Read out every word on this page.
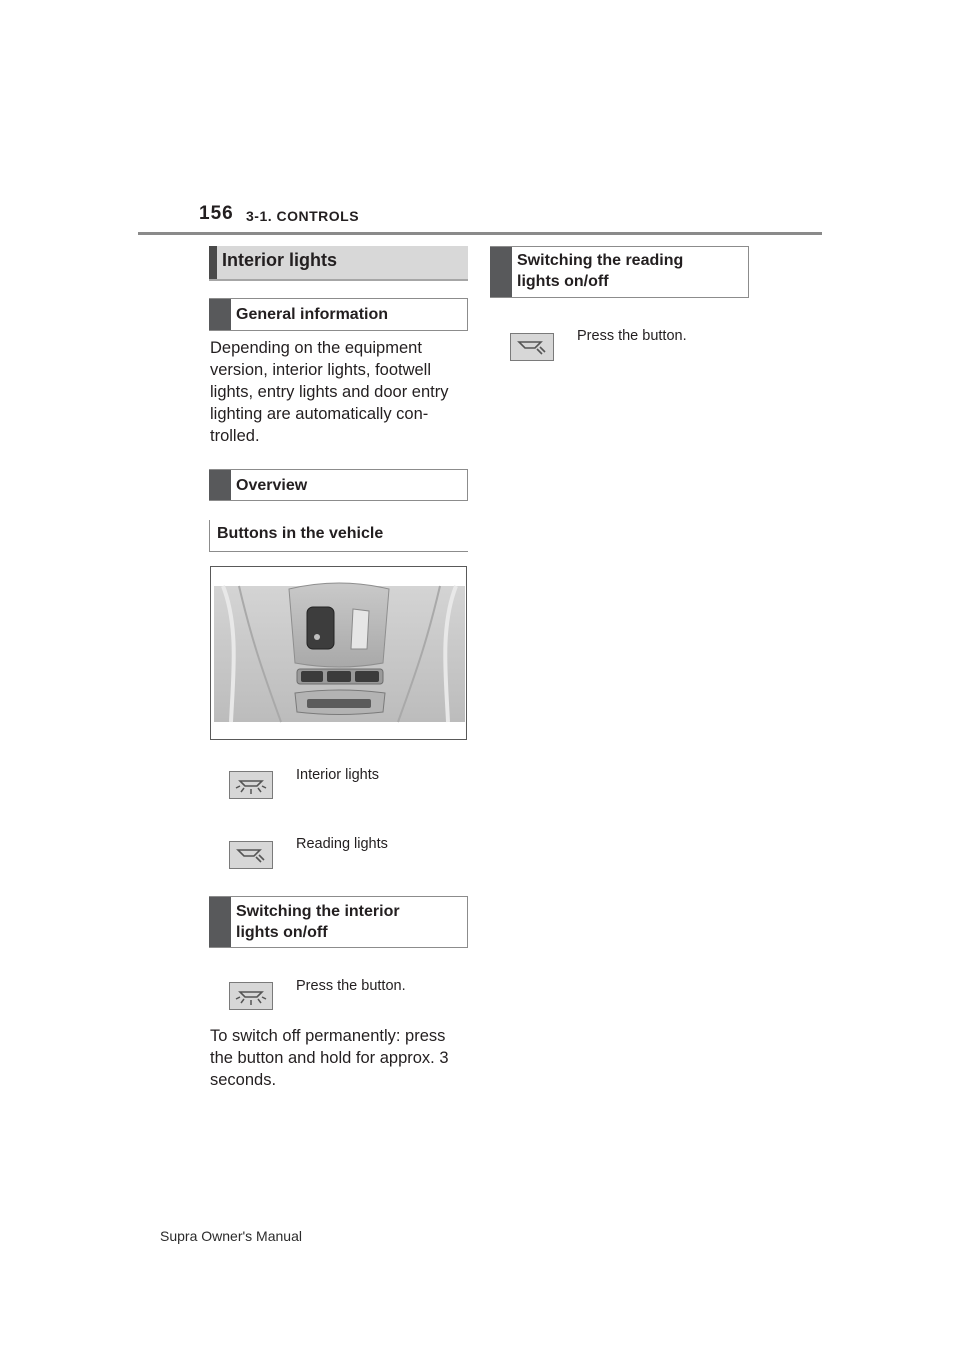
156 3-1. CONTROLS
Interior lights
General information
Depending on the equipment
version, interior lights, footwell
lights, entry lights and door entry
lighting are automatically con-
trolled.
Overview
Buttons in the vehicle
Interior lights
Reading lights
Switching the interior
lights on/off
Press the button.
To switch off permanently: press
the button and hold for approx. 3
seconds.
Switching the reading
lights on/off
Press the button.
Supra Owner's Manual
